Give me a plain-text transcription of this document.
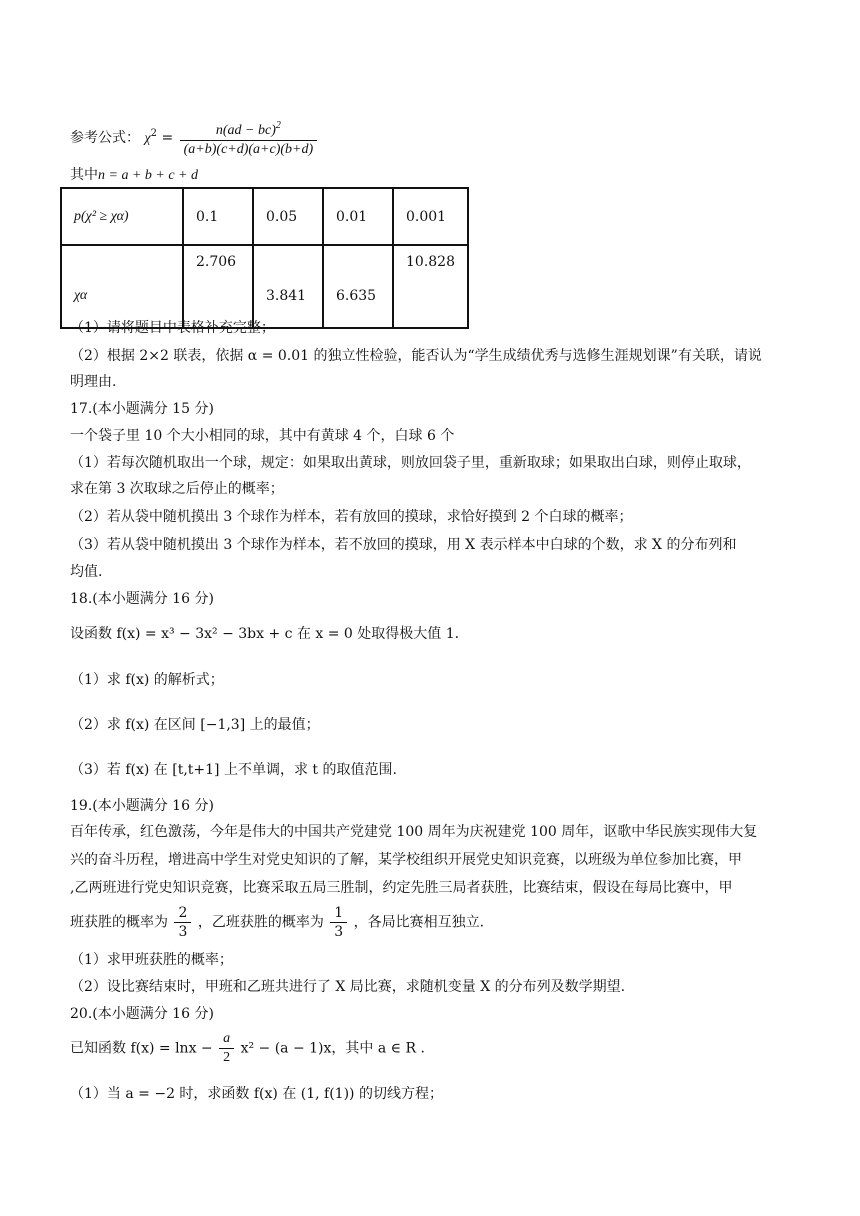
参考公式： $\chi^2 = \frac{n(ad - bc)^2}{(a+b)(c+d)(a+c)(b+d)}$
其中n = a + b + c + d
p(χ² ≥ χα)	0.1	0.05	0.01	0.001
χα	2.706	3.841	6.635	10.828
（1）请将题目中表格补充完整；
（2）根据 2×2 联表，依据 α = 0.01 的独立性检验，能否认为“学生成绩优秀与选修生涯规划课”有关联，请说
明理由.
17.(本小题满分 15 分)
一个袋子里 10 个大小相同的球，其中有黄球 4 个，白球 6 个
（1）若每次随机取出一个球，规定：如果取出黄球，则放回袋子里，重新取球；如果取出白球，则停止取球，
求在第 3 次取球之后停止的概率；
（2）若从袋中随机摸出 3 个球作为样本，若有放回的摸球，求恰好摸到 2 个白球的概率；
（3）若从袋中随机摸出 3 个球作为样本，若不放回的摸球，用 X 表示样本中白球的个数，求 X 的分布列和
均值.
18.(本小题满分 16 分)
设函数 f(x) = x³ − 3x² − 3bx + c 在 x = 0 处取得极大值 1.
（1）求 f(x) 的解析式；
（2）求 f(x) 在区间 [−1,3] 上的最值；
（3）若 f(x) 在 [t,t+1] 上不单调，求 t 的取值范围.
19.(本小题满分 16 分)
百年传承，红色激荡，今年是伟大的中国共产党建党 100 周年为庆祝建党 100 周年，讴歌中华民族实现伟大复
兴的奋斗历程，增进高中学生对党史知识的了解，某学校组织开展党史知识竞赛，以班级为单位参加比赛，甲
,乙两班进行党史知识竞赛，比赛采取五局三胜制，约定先胜三局者获胜，比赛结束，假设在每局比赛中，甲
班获胜的概率为 $\frac{2}{3}$ ，乙班获胜的概率为 $\frac{1}{3}$ ，各局比赛相互独立.
（1）求甲班获胜的概率；
（2）设比赛结束时，甲班和乙班共进行了 X 局比赛，求随机变量 X 的分布列及数学期望.
20.(本小题满分 16 分)
已知函数 $f(x) = \ln x - \frac{a}{2} x^2 - (a - 1)x$，其中 a ∈ R .
（1）当 a = −2 时，求函数 f(x) 在 (1, f(1)) 的切线方程；
